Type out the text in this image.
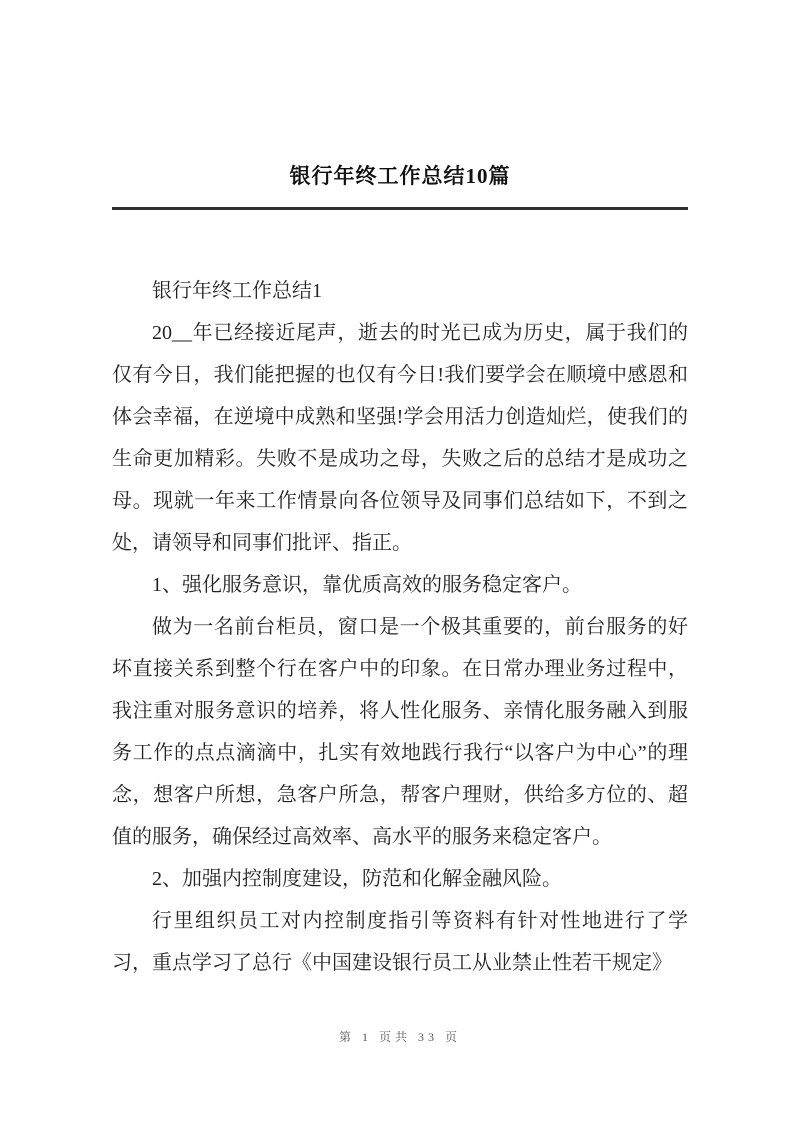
银行年终工作总结10篇

银行年终工作总结1

20__年已经接近尾声，逝去的时光已成为历史，属于我们的仅有今日，我们能把握的也仅有今日!我们要学会在顺境中感恩和体会幸福，在逆境中成熟和坚强!学会用活力创造灿烂，使我们的生命更加精彩。失败不是成功之母，失败之后的总结才是成功之母。现就一年来工作情景向各位领导及同事们总结如下，不到之处，请领导和同事们批评、指正。

1、强化服务意识，靠优质高效的服务稳定客户。

做为一名前台柜员，窗口是一个极其重要的，前台服务的好坏直接关系到整个行在客户中的印象。在日常办理业务过程中，我注重对服务意识的培养，将人性化服务、亲情化服务融入到服务工作的点点滴滴中，扎实有效地践行我行“以客户为中心”的理念，想客户所想，急客户所急，帮客户理财，供给多方位的、超值的服务，确保经过高效率、高水平的服务来稳定客户。

2、加强内控制度建设，防范和化解金融风险。

行里组织员工对内控制度指引等资料有针对性地进行了学习，重点学习了总行《中国建设银行员工从业禁止性若干规定》

第 1 页共 33 页
